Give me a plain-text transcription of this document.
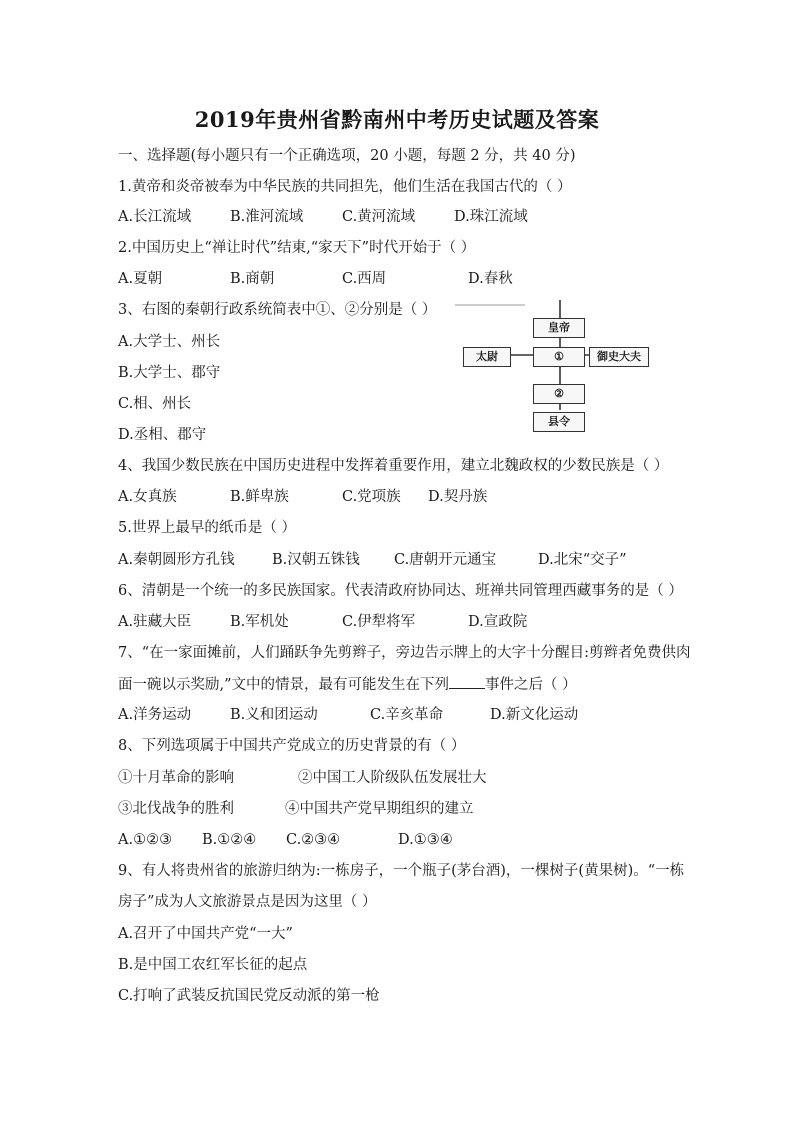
2019年贵州省黔南州中考历史试题及答案
一、选择题(每小题只有一个正确选项，20 小题，每题 2 分，共 40 分)
1.黄帝和炎帝被奉为中华民族的共同担先，他们生活在我国古代的（ ）
A.长江流域	B.淮河流域	C.黄河流域	D.珠江流域
2.中国历史上“禅让时代”结東,“家天下”时代开始于（ ）
A.夏朝	B.商朝	C.西周	D.春秋
3、右图的秦朝行政系统简表中①、②分别是（ ）
A.大学士、州长
B.大学士、郡守
C.相、州长
D.丞相、郡守
皇帝
太尉	①	御史大夫
②
县令
4、我国少数民族在中国历史进程中发挥着重要作用，建立北魏政权的少数民族是（ ）
A.女真族	B.鲜卑族	C.党项族 D.契丹族
5.世界上最早的纸币是（ ）
A.秦朝圆形方孔钱	B.汉朝五铢钱 C.唐朝开元通宝	D.北宋“交子”
6、清朝是一个统一的多民族国家。代表清政府协同达、班禅共同管理西藏事务的是（ ）
A.驻藏大臣	B.军机处	C.伊犁将军	D.宣政院
7、“在一家面摊前，人们踊跃争先剪辫子，旁边告示牌上的大字十分醒目:剪辫者免费供肉
面一碗以示奖励,”文中的情景，最有可能发生在下列 事件之后（ ）
A.洋务运动	B.义和团运动	C.辛亥革命	D.新文化运动
8、下列选项属于中国共产党成立的历史背景的有（ ）
①十月革命的影响	②中国工人阶级队伍发展壮大
③北伐战争的胜利	④中国共产党早期组织的建立
A.①②③ B.①②④ C.②③④	D.①③④
9、有人将贵州省的旅游归纳为:一栋房子，一个瓶子(茅台酒)，一棵树子(黄果树)。“一栋
房子”成为人文旅游景点是因为这里（ ）
A.召开了中国共产党“一大”
B.是中国工农红军长征的起点
C.打响了武装反抗国民党反动派的第一枪
